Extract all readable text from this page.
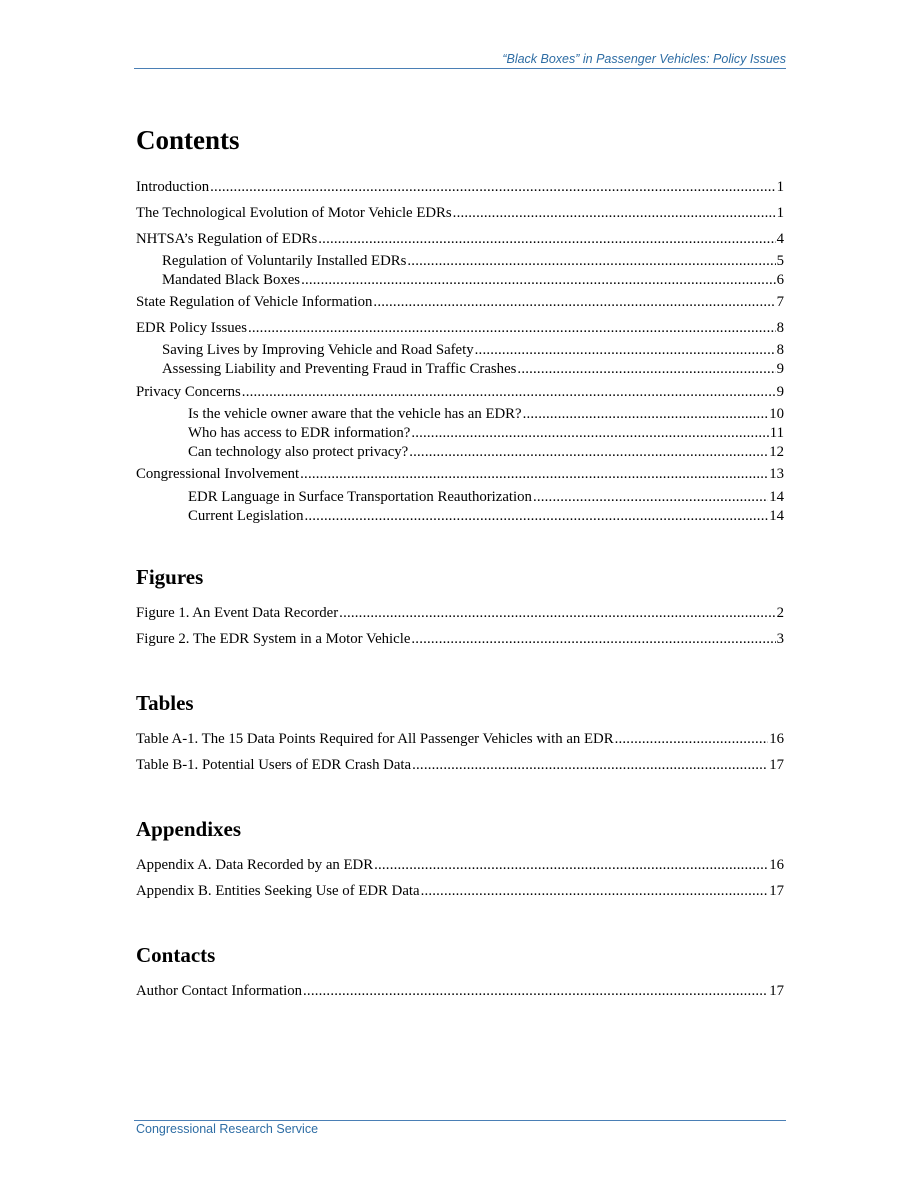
“Black Boxes” in Passenger Vehicles: Policy Issues
Contents
Introduction .....	1
The Technological Evolution of Motor Vehicle EDRs .....	1
NHTSA’s Regulation of EDRs .....	4
Regulation of Voluntarily Installed EDRs .....	5
Mandated Black Boxes .....	6
State Regulation of Vehicle Information .....	7
EDR Policy Issues .....	8
Saving Lives by Improving Vehicle and Road Safety .....	8
Assessing Liability and Preventing Fraud in Traffic Crashes .....	9
Privacy Concerns .....	9
Is the vehicle owner aware that the vehicle has an EDR? .....	10
Who has access to EDR information? .....	11
Can technology also protect privacy? .....	12
Congressional Involvement .....	13
EDR Language in Surface Transportation Reauthorization .....	14
Current Legislation .....	14
Figures
Figure 1. An Event Data Recorder .....	2
Figure 2. The EDR System in a Motor Vehicle .....	3
Tables
Table A-1. The 15 Data Points Required for All Passenger Vehicles with an EDR .....	16
Table B-1. Potential Users of EDR Crash Data .....	17
Appendixes
Appendix A. Data Recorded by an EDR .....	16
Appendix B. Entities Seeking Use of EDR Data .....	17
Contacts
Author Contact Information .....	17
Congressional Research Service
